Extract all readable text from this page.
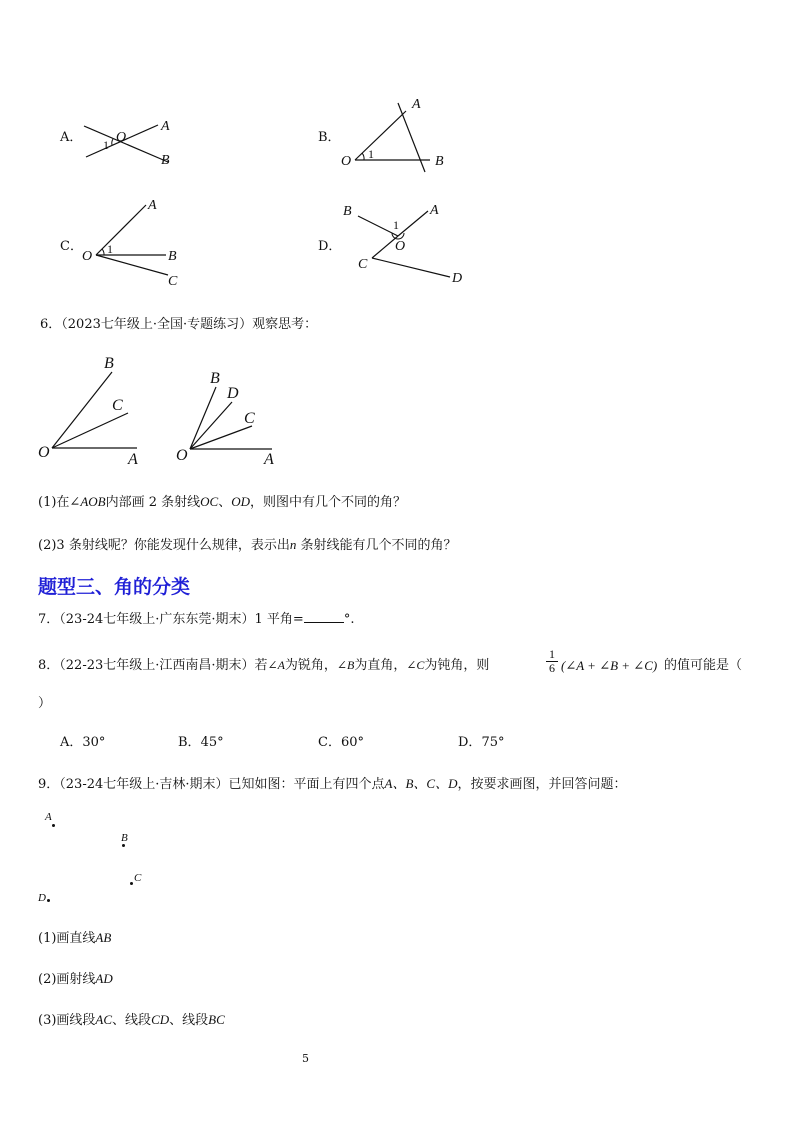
A． O
A
B
1
O
A
B
1
O
A
B
C
1
B	A
O
C
D
1
B．
C．	D．
6．（2023七年级上·全国·专题练习）观察思考：
O	A
B
C
O	A
B
D
C
(1)在∠AOB内部画 2 条射线OC、OD，则图中有几个不同的角？
(2)3 条射线呢？你能发现什么规律，表示出n 条射线能有几个不同的角？
题型三、角的分类
7．（23-24七年级上·广东东莞·期末）1 平角=	°.
8．（22-23七年级上·江西南昌·期末）若∠A为锐角，∠B为直角，∠C为钝角，则	$\frac{1}{6}$ (∠A + ∠B + ∠C) 的值可能是（
）
A．30°	B．45°	C．60°	D．75°
9．（23-24七年级上·吉林·期末）已知如图：平面上有四个点A、B、C、D，按要求画图，并回答问题：
A
B
C
D
(1)画直线AB
(2)画射线AD
(3)画线段AC、线段CD、线段BC
5
